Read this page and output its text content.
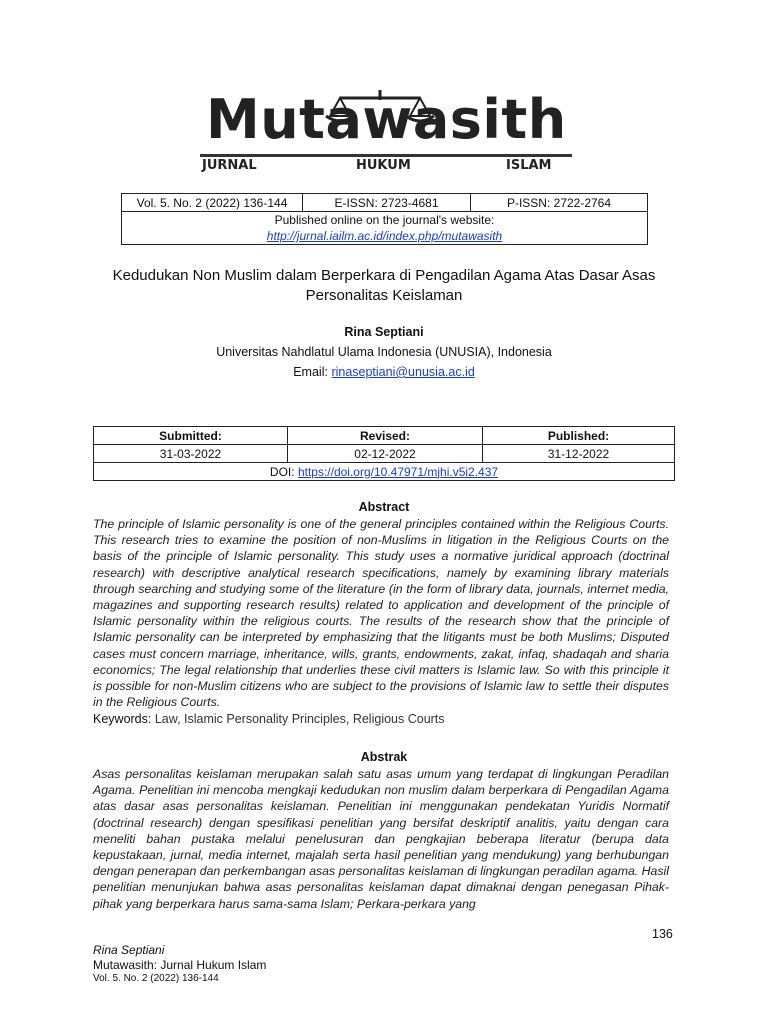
Mutawasith
JURNAL	HUKUM	ISLAM
Vol. 5. No. 2 (2022) 136-144	E-ISSN: 2723-4681	P-ISSN: 2722-2764
Published online on the journal's website:
http://jurnal.iailm.ac.id/index.php/mutawasith
Kedudukan Non Muslim dalam Berperkara di Pengadilan Agama Atas Dasar Asas
Personalitas Keislaman
Rina Septiani
Universitas Nahdlatul Ulama Indonesia (UNUSIA), Indonesia
Email: rinaseptiani@unusia.ac.id
Submitted:	Revised:	Published:
31-03-2022	02-12-2022	31-12-2022
DOI: https://doi.org/10.47971/mjhi.v5i2.437		
Abstract
The principle of Islamic personality is one of the general principles contained within the Religious Courts. This research tries to examine the position of non-Muslims in litigation in the Religious Courts on the basis of the principle of Islamic personality. This study uses a normative juridical approach (doctrinal research) with descriptive analytical research specifications, namely by examining library materials through searching and studying some of the literature (in the form of library data, journals, internet media, magazines and supporting research results) related to application and development of the principle of Islamic personality within the religious courts. The results of the research show that the principle of Islamic personality can be interpreted by emphasizing that the litigants must be both Muslims; Disputed cases must concern marriage, inheritance, wills, grants, endowments, zakat, infaq, shadaqah and sharia economics; The legal relationship that underlies these civil matters is Islamic law. So with this principle it is possible for non-Muslim citizens who are subject to the provisions of Islamic law to settle their disputes in the Religious Courts.
Keywords: Law, Islamic Personality Principles, Religious Courts
Abstrak
Asas personalitas keislaman merupakan salah satu asas umum yang terdapat di lingkungan Peradilan Agama. Penelitian ini mencoba mengkaji kedudukan non muslim dalam berperkara di Pengadilan Agama atas dasar asas personalitas keislaman. Penelitian ini menggunakan pendekatan Yuridis Normatif (doctrinal research) dengan spesifikasi penelitian yang bersifat deskriptif analitis, yaitu dengan cara meneliti bahan pustaka melalui penelusuran dan pengkajian beberapa literatur (berupa data kepustakaan, jurnal, media internet, majalah serta hasil penelitian yang mendukung) yang berhubungan dengan penerapan dan perkembangan asas personalitas keislaman di lingkungan peradilan agama. Hasil penelitian menunjukan bahwa asas personalitas keislaman dapat dimaknai dengan penegasan Pihak-pihak yang berperkara harus sama-sama Islam; Perkara-perkara yang
136
Rina Septiani
Mutawasith: Jurnal Hukum Islam
Vol. 5. No. 2 (2022) 136-144
